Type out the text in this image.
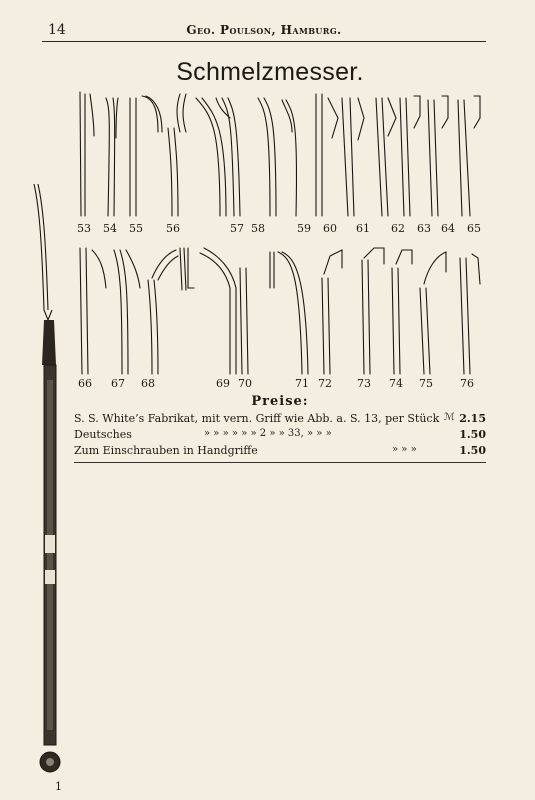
14	Geo. Poulson, Hamburg.
Schmelzmesser.
53	54	55	56	57 58	59	60	61	62	63 64	65
66	67	68	69 70	71 72	73	74	75	76
Preise:
S. S. White’s Fabrikat, mit vern. Griff wie Abb. a. S. 13, per Stück ℳ 2.15
Deutsches	» » » » » » 2 » » 33, » » »	1.50
Zum Einschrauben in Handgriffe	» » »	1.50
1
